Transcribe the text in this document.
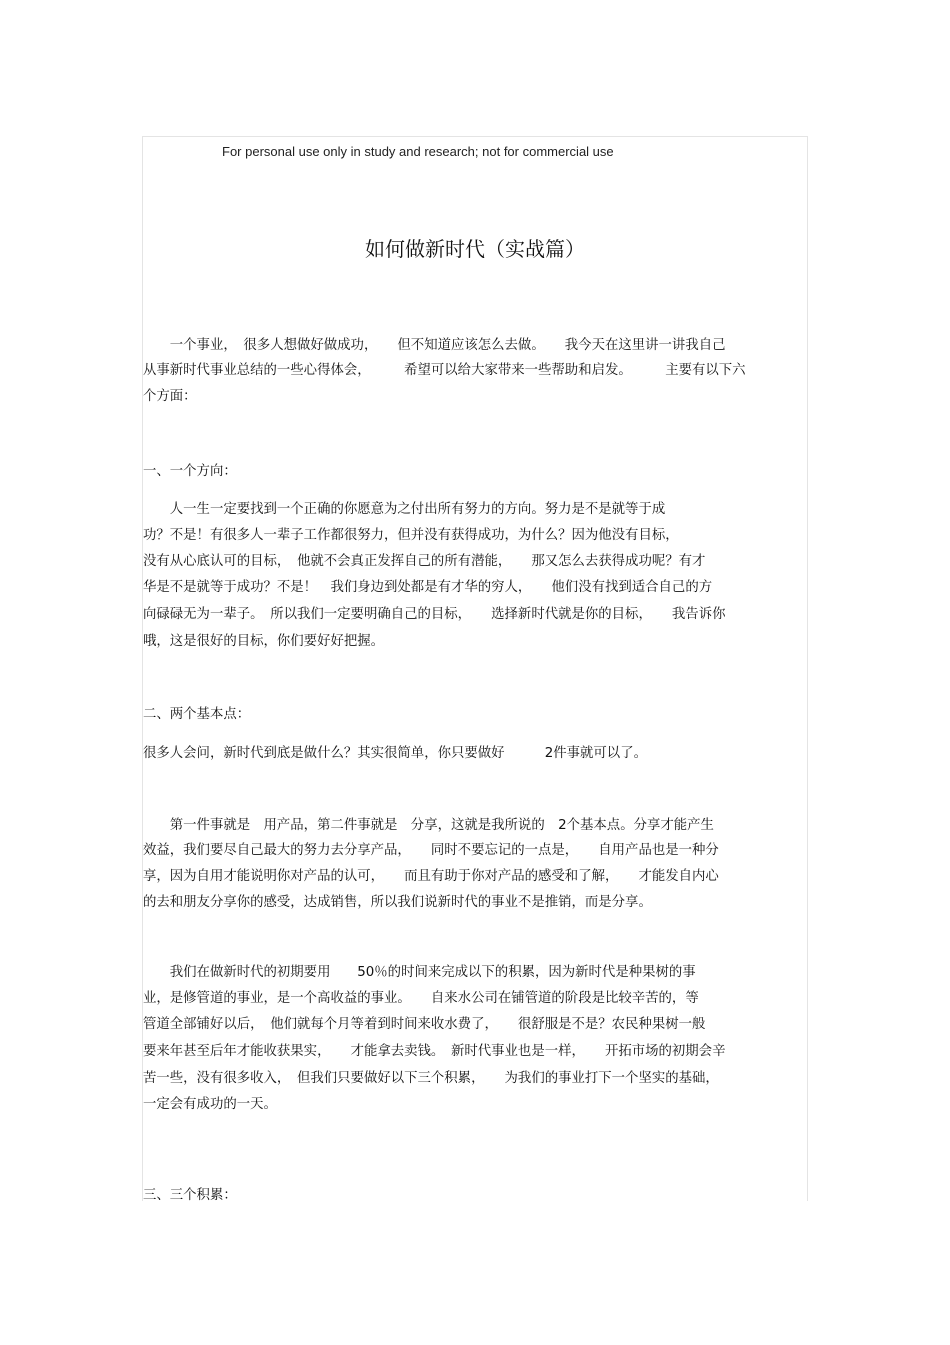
For personal use only in study and research; not for commercial use
如何做新时代（实战篇）
　　一个事业，　很多人想做好做成功，　　但不知道应该怎么去做。　　我今天在这里讲一讲我自己
从事新时代事业总结的一些心得体会，　　　希望可以给大家带来一些帮助和启发。　　　主要有以下六
个方面：
一、一个方向：
　　人一生一定要找到一个正确的你愿意为之付出所有努力的方向。努力是不是就等于成
功？不是！有很多人一辈子工作都很努力，但并没有获得成功，为什么？因为他没有目标，
没有从心底认可的目标，　他就不会真正发挥自己的所有潜能，　　那又怎么去获得成功呢？有才
华是不是就等于成功？不是！　我们身边到处都是有才华的穷人，　　他们没有找到适合自己的方
向碌碌无为一辈子。　所以我们一定要明确自己的目标，　　选择新时代就是你的目标，　　我告诉你
哦，这是很好的目标，你们要好好把握。
二、两个基本点：
很多人会问，新时代到底是做什么？其实很简单，你只要做好　　　2件事就可以了。
　　第一件事就是　用产品，第二件事就是　分享，这就是我所说的　2个基本点。分享才能产生
效益，我们要尽自己最大的努力去分享产品，　　同时不要忘记的一点是，　　自用产品也是一种分
享，因为自用才能说明你对产品的认可，　　而且有助于你对产品的感受和了解，　　才能发自内心
的去和朋友分享你的感受，达成销售，所以我们说新时代的事业不是推销，而是分享。
　　我们在做新时代的初期要用　　50％的时间来完成以下的积累，因为新时代是种果树的事
业，是修管道的事业，是一个高收益的事业。　　自来水公司在铺管道的阶段是比较辛苦的，等
管道全部铺好以后，　他们就每个月等着到时间来收水费了，　　很舒服是不是？农民种果树一般
要来年甚至后年才能收获果实，　　才能拿去卖钱。　新时代事业也是一样，　　开拓市场的初期会辛
苦一些，没有很多收入，　但我们只要做好以下三个积累，　　为我们的事业打下一个坚实的基础，
一定会有成功的一天。
三、三个积累：
